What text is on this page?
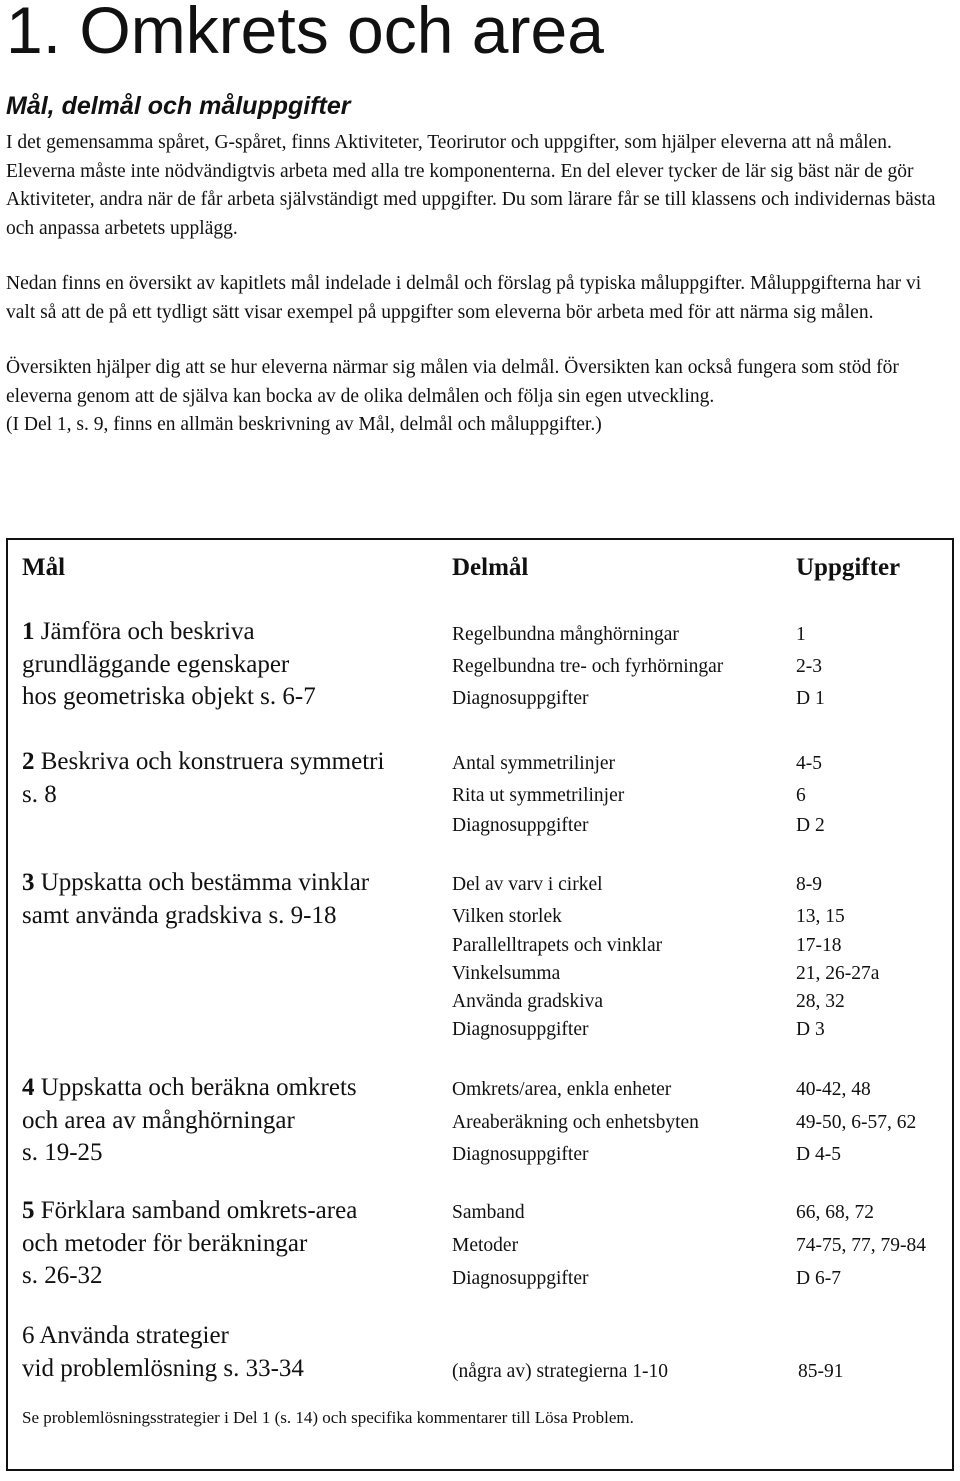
1. Omkrets och area
Mål, delmål och måluppgifter

I det gemensamma spåret, G-spåret, finns Aktiviteter, Teorirutor och uppgifter, som hjälper eleverna att nå målen. Eleverna måste inte nödvändigtvis arbeta med alla tre komponenterna. En del elever tycker de lär sig bäst när de gör Aktiviteter, andra när de får arbeta självständigt med uppgifter. Du som lärare får se till klassens och individernas bästa och anpassa arbetets upplägg.

Nedan finns en översikt av kapitlets mål indelade i delmål och förslag på typiska måluppgifter. Måluppgifterna har vi valt så att de på ett tydligt sätt visar exempel på uppgifter som eleverna bör arbeta med för att närma sig målen.

Översikten hjälper dig att se hur eleverna närmar sig målen via delmål. Översikten kan också fungera som stöd för eleverna genom att de själva kan bocka av de olika delmålen och följa sin egen utveckling.

(I Del 1, s. 9, finns en allmän beskrivning av Mål, delmål och måluppgifter.)
Mål	Delmål	Uppgifter
1 Jämföra och beskriva
grundläggande egenskaper
hos geometriska objekt s. 6-7
Regelbundna månghörningar	1
Regelbundna tre- och fyrhörningar	2-3
Diagnosuppgifter	D 1
2 Beskriva och konstruera symmetri
s. 8
Antal symmetrilinjer	4-5
Rita ut symmetrilinjer	6
Diagnosuppgifter	D 2
3 Uppskatta och bestämma vinklar
samt använda gradskiva s. 9-18
Del av varv i cirkel	8-9
Vilken storlek	13, 15
Parallelltrapets och vinklar	17-18
Vinkelsumma	21, 26-27a
Använda gradskiva	28, 32
Diagnosuppgifter	D 3
4 Uppskatta och beräkna omkrets
och area av månghörningar
s. 19-25
Omkrets/area, enkla enheter	40-42, 48
Areaberäkning och enhetsbyten	49-50, 6-57, 62
Diagnosuppgifter	D 4-5
5 Förklara samband omkrets-area
och metoder för beräkningar
s. 26-32
Samband	66, 68, 72
Metoder	74-75, 77, 79-84
Diagnosuppgifter	D 6-7
6 Använda strategier
vid problemlösning s. 33-34	(några av) strategierna 1-10	85-91
Se problemlösningsstrategier i Del 1 (s. 14) och specifika kommentarer till Lösa Problem.
